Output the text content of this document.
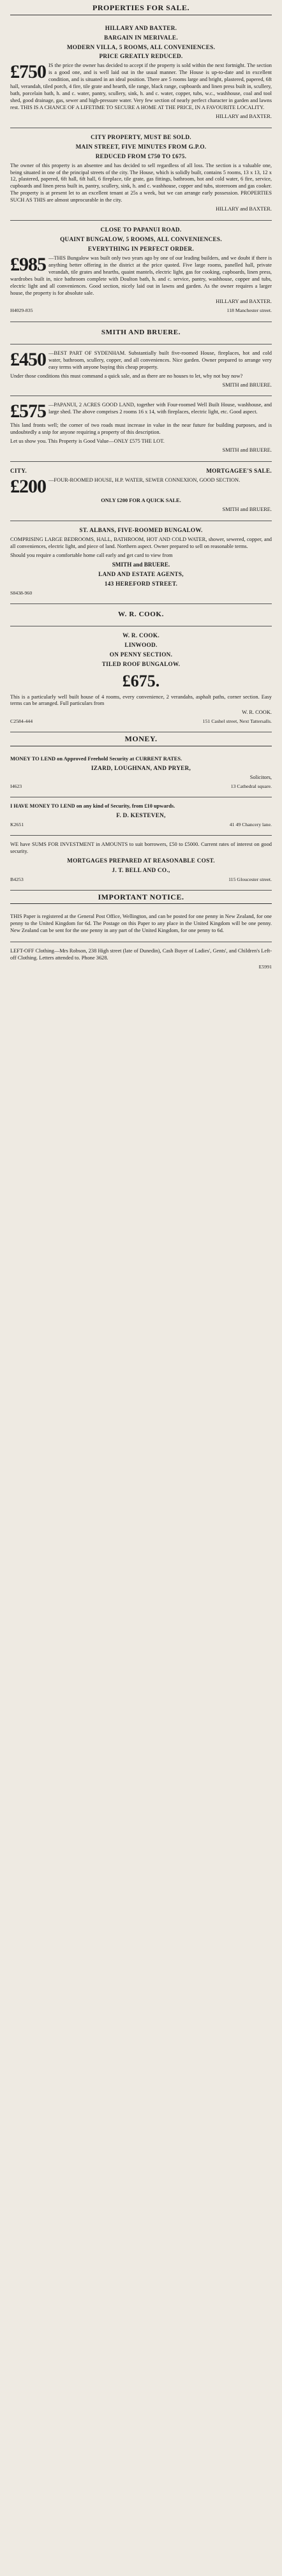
PROPERTIES FOR SALE.
HILLARY AND BAXTER.
BARGAIN IN MERIVALE.
MODERN VILLA, 5 ROOMS, ALL CONVENIENCES.
PRICE GREATLY REDUCED.
£750 IS the price the owner has decided to accept if the property is sold within the next fortnight. The section is a good one, and is well laid out in the usual manner. The House is up-to-date and in excellent condition, and is situated in an ideal position. There are 5 rooms large and bright, plastered, papered, 6ft hall, verandah, tiled porch, 4 fire, tile grate and hearth, tile range, black range, cupboards and linen press built in, scullery, bath, porcelain bath, h. and c. water, pantry, scullery, sink, h. and c. water, copper, tubs, w.c., washhouse, coal and tool shed, good drainage, gas, sewer and high-pressure water. Very few section of nearly perfect character in garden and lawns rest. THIS IS A CHANCE OF A LIFETIME TO SECURE A HOME AT THE PRICE, IN A FAVOURITE LOCALITY.
HILLARY and BAXTER.
CITY PROPERTY, MUST BE SOLD.
MAIN STREET, FIVE MINUTES FROM G.P.O.
REDUCED FROM £750 TO £675.
The owner of this property is an absentee and has decided to sell regardless of all loss. The section is a valuable one, being situated in one of the principal streets of the city. The House, which is solidly built, contains 5 rooms, 13 x 13, 12 x 12, plastered, papered, 6ft hall, 6ft hall, 6 fireplace, tile grate, gas fittings, bathroom, hot and cold water, 6 fire, service, cupboards and linen press built in, pantry, scullery, sink, h. and c. washhouse, copper and tubs, storeroom and gas cooker. The property is at present let to an excellent tenant at 25s a week, but we can arrange early possession. PROPERTIES SUCH AS THIS are almost unprocurable in the city.
HILLARY and BAXTER.
CLOSE TO PAPANUI ROAD.
QUAINT BUNGALOW, 5 ROOMS, ALL CONVENIENCES.
EVERYTHING IN PERFECT ORDER.
£985 —THIS Bungalow was built only two years ago by one of our leading builders, and we doubt if there is anything better offering in the district at the price quoted. Five large rooms, panelled hall, private verandah, tile grates and hearths, quaint mantels, electric light, gas for cooking, cupboards, linen press, wardrobes built in, nice bathroom complete with Doulton bath, h. and c. service, pantry, washhouse, copper and tubs, electric light and all conveniences. Good section, nicely laid out in lawns and garden. As the owner requires a larger house, the property is for absolute sale.
HILLARY and BAXTER.
H4029-835	118 Manchester street.
SMITH AND BRUERE.
£450 —BEST PART OF SYDENHAM. Substantially built five-roomed House, fireplaces, hot and cold water, bathroom, scullery, copper, and all conveniences. Nice garden. Owner prepared to arrange very easy terms with anyone buying this cheap property.
Under those conditions this must command a quick sale, and as there are no houses to let, why not buy now?
SMITH and BRUERE.
£575 —PAPANUI, 2 ACRES GOOD LAND, together with Four-roomed Well Built House, washhouse, and large shed. The above comprises 2 rooms 16 x 14, with fireplaces, electric light, etc. Good aspect.
This land fronts well; the corner of two roads must increase in value in the near future for building purposes, and is undoubtedly a snip for anyone requiring a property of this description.
Let us show you. This Property is Good Value—ONLY £575 THE LOT.
SMITH and BRUERE.
CITY.	MORTGAGEE'S SALE.
£200 —FOUR-ROOMED HOUSE, H.P. WATER, SEWER CONNEXION, GOOD SECTION.
ONLY £200 FOR A QUICK SALE.
SMITH and BRUERE.
ST. ALBANS, FIVE-ROOMED BUNGALOW.
COMPRISING LARGE BEDROOMS, HALL, BATHROOM, HOT AND COLD WATER, shower, sewered, copper, and all conveniences, electric light, and piece of land. Northern aspect. Owner prepared to sell on reasonable terms.
Should you require a comfortable home call early and get card to view from
SMITH and BRUERE.
LAND AND ESTATE AGENTS,
143 HEREFORD STREET.
S8438-960
W. R. COOK.
W. R. COOK.
LINWOOD.
ON PENNY SECTION.
TILED ROOF BUNGALOW.
£675.
This is a particularly well built house of 4 rooms, every convenience, 2 verandahs, asphalt paths, corner section. Easy terms can be arranged. Full particulars from
W. R. COOK.
C2584-444	151 Cashel street, Next Tattersalls.
MONEY.
MONEY TO LEND on Approved Freehold Security at CURRENT RATES.
IZARD, LOUGHNAN, AND PRYER,
Solicitors,
I4623	13 Cathedral square.
I HAVE MONEY TO LEND on any kind of Security, from £10 upwards.
F. D. KESTEVEN,
K2651	41 49 Chancery lane.
WE have SUMS FOR INVESTMENT in AMOUNTS to suit borrowers, £50 to £5000. Current rates of interest on good security.
MORTGAGES PREPARED AT REASONABLE COST.
J. T. BELL AND CO.,
B4253	115 Gloucester street.
IMPORTANT NOTICE.
THIS Paper is registered at the General Post Office, Wellington, and can be posted for one penny in New Zealand, for one penny to the United Kingdom for 6d. The Postage on this Paper to any place in the United Kingdom will be one penny. New Zealand can be sent for the one penny in any part of the United Kingdom, for one penny to 6d.
LEFT-OFF Clothing—Mrs Robson, 238 High street (late of Dunedin), Cash Buyer of Ladies', Gents', and Children's Left-off Clothing. Letters attended to. Phone 3628.
E5991
